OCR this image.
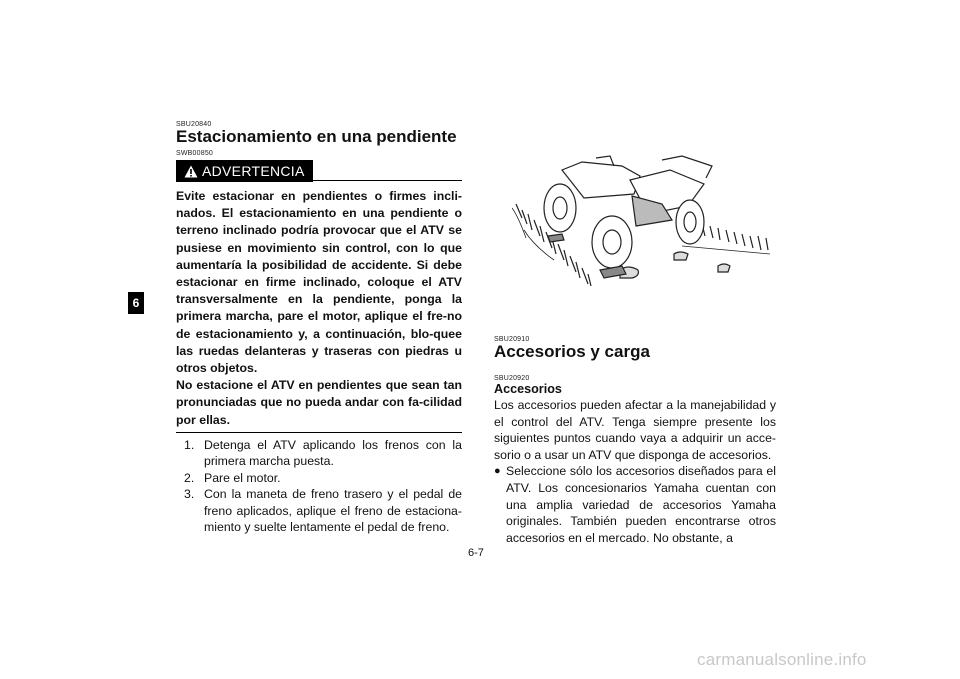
6
SBU20840
Estacionamiento en una pendiente
SWB00850
ADVERTENCIA

Evite estacionar en pendientes o firmes incli-nados. El estacionamiento en una pendiente o terreno inclinado podría provocar que el ATV se pusiese en movimiento sin control, con lo que aumentaría la posibilidad de accidente. Si debe estacionar en firme inclinado, coloque el ATV transversalmente en la pendiente, ponga la primera marcha, pare el motor, aplique el fre-no de estacionamiento y, a continuación, blo-quee las ruedas delanteras y traseras con piedras u otros objetos.

No estacione el ATV en pendientes que sean tan pronunciadas que no pueda andar con fa-cilidad por ellas.

1. Detenga el ATV aplicando los frenos con la primera marcha puesta.
2. Pare el motor.
3. Con la maneta de freno trasero y el pedal de freno aplicados, aplique el freno de estaciona-miento y suelte lentamente el pedal de freno.
SBU20910
Accesorios y carga
SBU20920
Accesorios

Los accesorios pueden afectar a la manejabilidad y el control del ATV. Tenga siempre presente los siguientes puntos cuando vaya a adquirir un acce-sorio o a usar un ATV que disponga de accesorios.

● Seleccione sólo los accesorios diseñados para el ATV. Los concesionarios Yamaha cuentan con una amplia variedad de accesorios Yamaha originales. También pueden encontrarse otros accesorios en el mercado. No obstante, a
6-7
carmanualsonline.info
